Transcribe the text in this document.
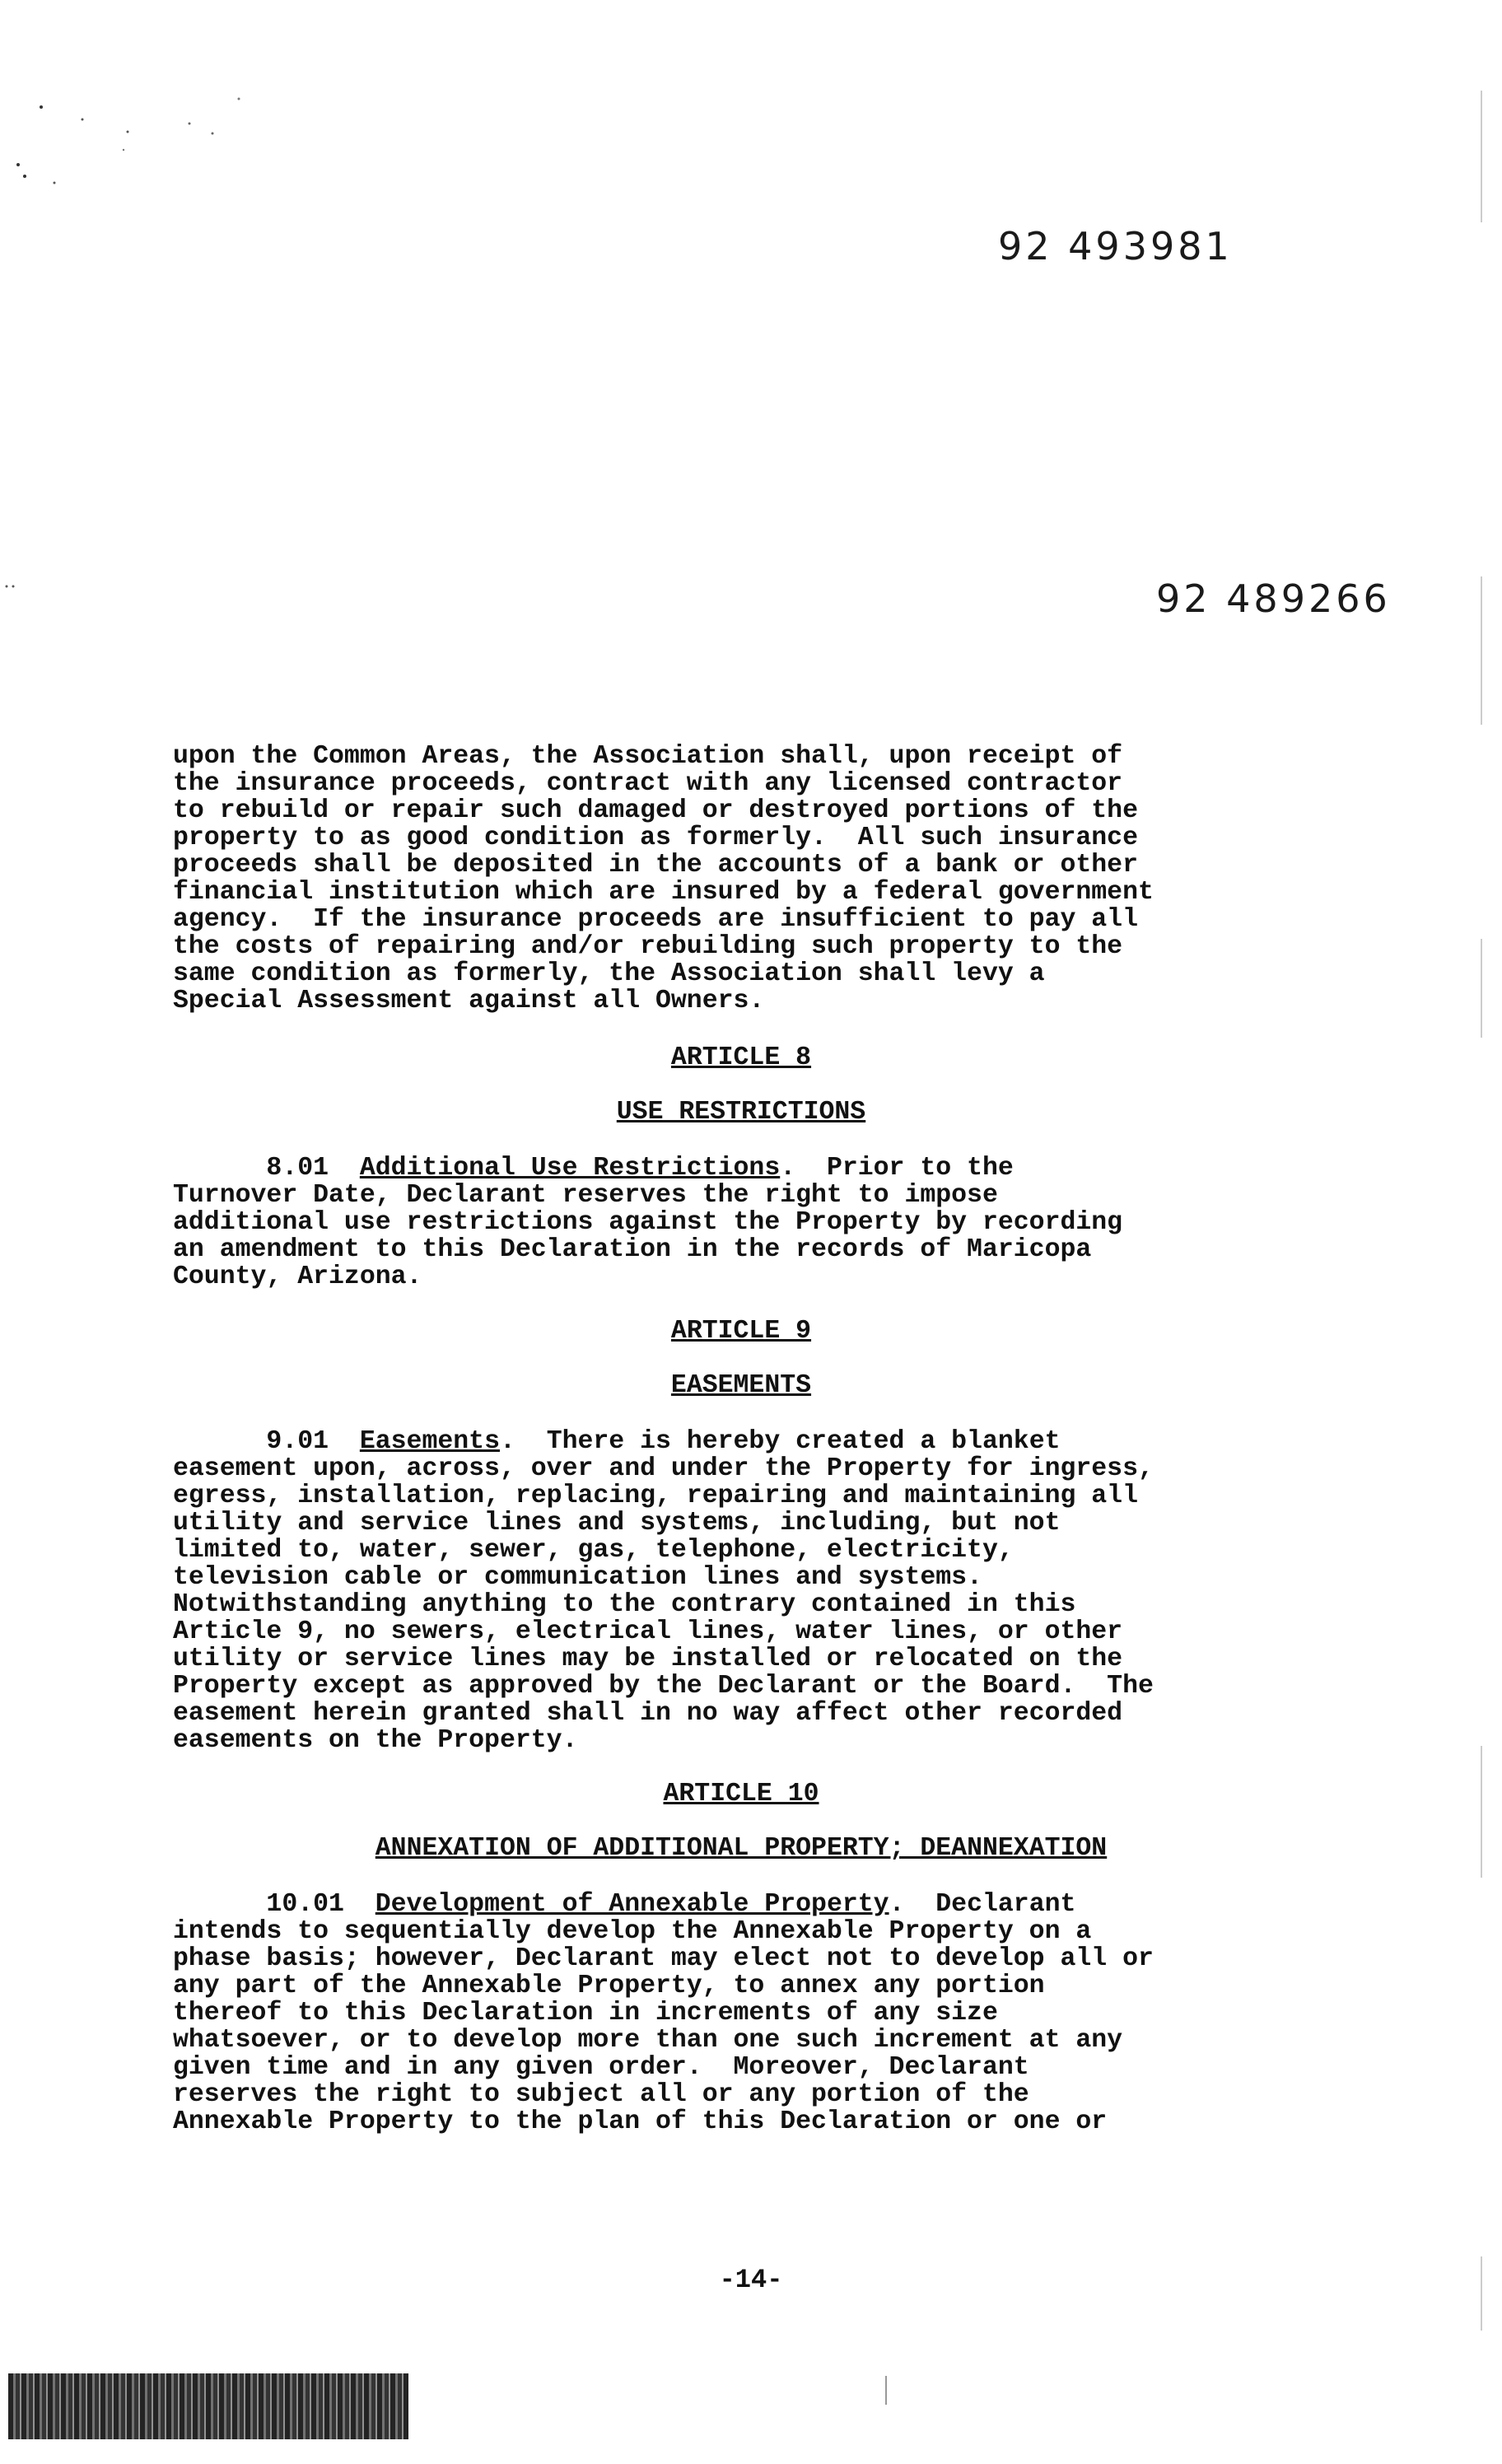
92 493981
92 489266

upon the Common Areas, the Association shall, upon receipt of
the insurance proceeds, contract with any licensed contractor
to rebuild or repair such damaged or destroyed portions of the
property to as good condition as formerly.  All such insurance
proceeds shall be deposited in the accounts of a bank or other
financial institution which are insured by a federal government
agency.  If the insurance proceeds are insufficient to pay all
the costs of repairing and/or rebuilding such property to the
same condition as formerly, the Association shall levy a
Special Assessment against all Owners.

ARTICLE 8

USE RESTRICTIONS

8.01  Additional Use Restrictions.  Prior to the

Turnover Date, Declarant reserves the right to impose
additional use restrictions against the Property by recording
an amendment to this Declaration in the records of Maricopa
County, Arizona.

ARTICLE 9

EASEMENTS

9.01  Easements.  There is hereby created a blanket

easement upon, across, over and under the Property for ingress,
egress, installation, replacing, repairing and maintaining all
utility and service lines and systems, including, but not
limited to, water, sewer, gas, telephone, electricity,
television cable or communication lines and systems.
Notwithstanding anything to the contrary contained in this
Article 9, no sewers, electrical lines, water lines, or other
utility or service lines may be installed or relocated on the
Property except as approved by the Declarant or the Board.  The
easement herein granted shall in no way affect other recorded
easements on the Property.

ARTICLE 10

ANNEXATION OF ADDITIONAL PROPERTY; DEANNEXATION

10.01  Development of Annexable Property.  Declarant

intends to sequentially develop the Annexable Property on a
phase basis; however, Declarant may elect not to develop all or
any part of the Annexable Property, to annex any portion
thereof to this Declaration in increments of any size
whatsoever, or to develop more than one such increment at any
given time and in any given order.  Moreover, Declarant
reserves the right to subject all or any portion of the
Annexable Property to the plan of this Declaration or one or

-14-
